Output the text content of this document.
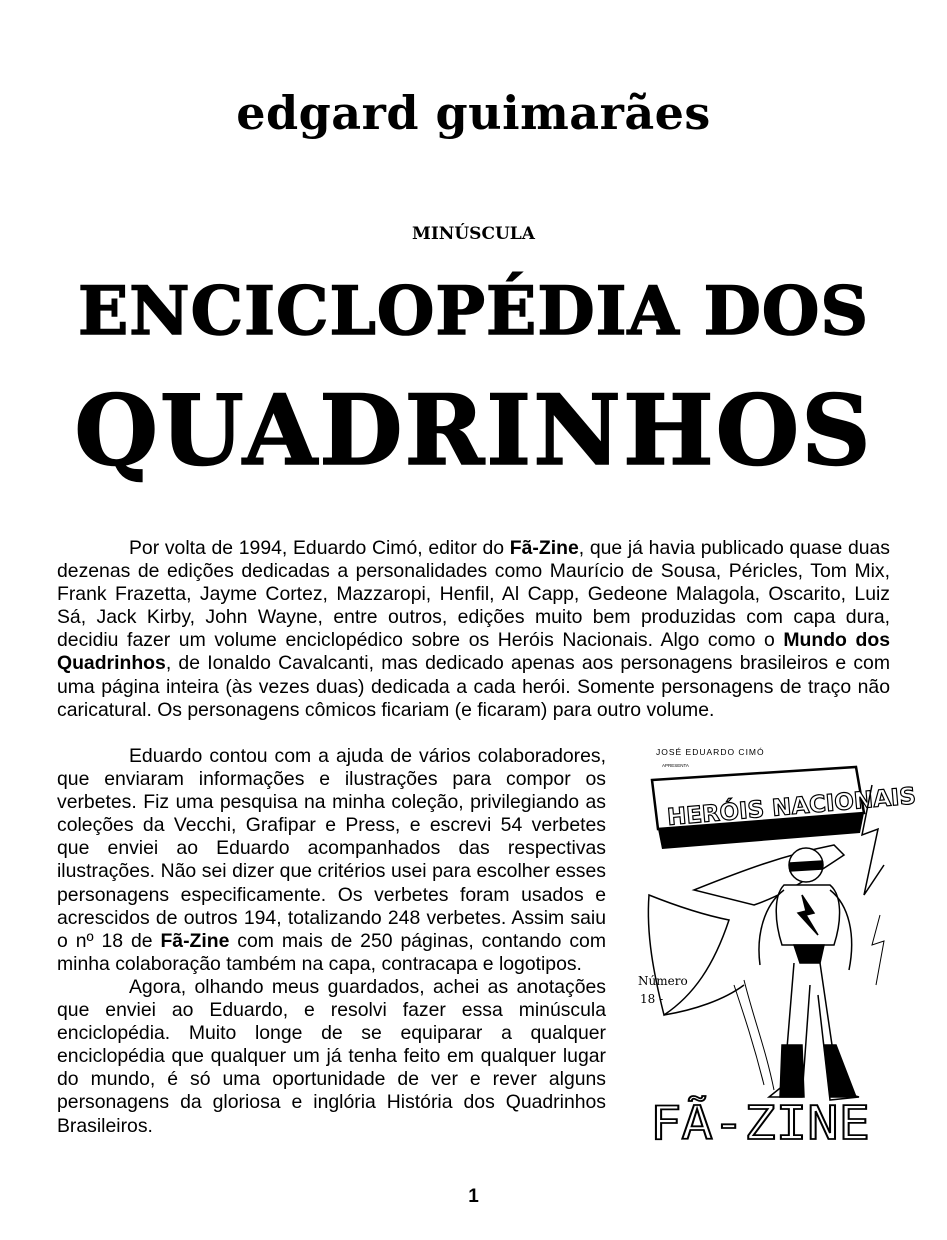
edgard guimarães
MINÚSCULA
ENCICLOPÉDIA DOS
QUADRINHOS

Por volta de 1994, Eduardo Cimó, editor do Fã-Zine, que já havia publicado quase duas dezenas de edições dedicadas a personalidades como Maurício de Sousa, Péricles, Tom Mix, Frank Frazetta, Jayme Cortez, Mazzaropi, Henfil, Al Capp, Gedeone Malagola, Oscarito, Luiz Sá, Jack Kirby, John Wayne, entre outros, edições muito bem produzidas com capa dura, decidiu fazer um volume enciclopédico sobre os Heróis Nacionais. Algo como o Mundo dos Quadrinhos, de Ionaldo Cavalcanti, mas dedicado apenas aos personagens brasileiros e com uma página inteira (às vezes duas) dedicada a cada herói. Somente personagens de traço não caricatural. Os personagens cômicos ficariam (e ficaram) para outro volume.

Eduardo contou com a ajuda de vários colaboradores, que enviaram informações e ilustrações para compor os verbetes. Fiz uma pesquisa na minha coleção, privilegiando as coleções da Vecchi, Grafipar e Press, e escrevi 54 verbetes que enviei ao Eduardo acompanhados das respectivas ilustrações. Não sei dizer que critérios usei para escolher esses personagens especificamente. Os verbetes foram usados e acrescidos de outros 194, totalizando 248 verbetes. Assim saiu o nº 18 de Fã-Zine com mais de 250 páginas, contando com minha colaboração também na capa, contracapa e logotipos.

Agora, olhando meus guardados, achei as anotações que enviei ao Eduardo, e resolvi fazer essa minúscula enciclopédia. Muito longe de se equiparar a qualquer enciclopédia que qualquer um já tenha feito em qualquer lugar do mundo, é só uma oportunidade de ver e rever alguns personagens da gloriosa e inglória História dos Quadrinhos Brasileiros.

JOSÉ EDUARDO CIMÓ
APRESENTA
HERÓIS NACIONAIS
Número
18 -
FÃ-ZINE
1
